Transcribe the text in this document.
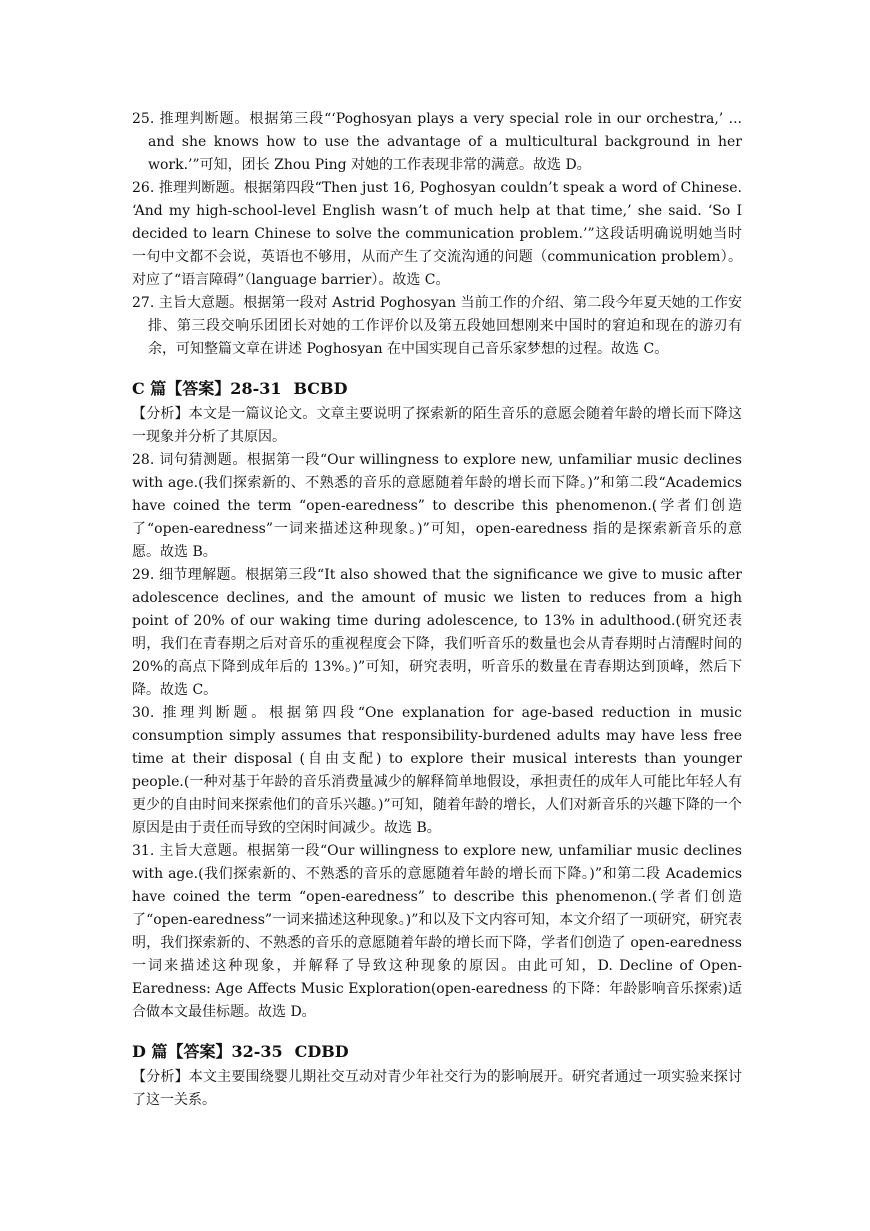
25. 推理判断题。根据第三段“‘Poghosyan plays a very special role in our orchestra,’ ... and she knows how to use the advantage of a multicultural background in her work.’”可知，团长 Zhou Ping 对她的工作表现非常的满意。故选 D。

26. 推理判断题。根据第四段“Then just 16, Poghosyan couldn’t speak a word of Chinese. ‘And my high-school-level English wasn’t of much help at that time,’ she said. ‘So I decided to learn Chinese to solve the communication problem.’”这段话明确说明她当时一句中文都不会说，英语也不够用，从而产生了交流沟通的问题（communication problem）。对应了“语言障碍”（language barrier）。故选 C。

27. 主旨大意题。根据第一段对 Astrid Poghosyan 当前工作的介绍、第二段今年夏天她的工作安排、第三段交响乐团团长对她的工作评价以及第五段她回想刚来中国时的窘迫和现在的游刃有余，可知整篇文章在讲述 Poghosyan 在中国实现自己音乐家梦想的过程。故选 C。

C 篇【答案】28-31 BCBD

【分析】本文是一篇议论文。文章主要说明了探索新的陌生音乐的意愿会随着年龄的增长而下降这一现象并分析了其原因。

28. 词句猜测题。根据第一段“Our willingness to explore new, unfamiliar music declines with age.(我们探索新的、不熟悉的音乐的意愿随着年龄的增长而下降。)”和第二段“Academics have coined the term “open-earedness” to describe this phenomenon.(学者们创造了“open-earedness”一词来描述这种现象。)”可知，open-earedness 指的是探索新音乐的意愿。故选 B。

29. 细节理解题。根据第三段“It also showed that the significance we give to music after adolescence declines, and the amount of music we listen to reduces from a high point of 20% of our waking time during adolescence, to 13% in adulthood.(研究还表明，我们在青春期之后对音乐的重视程度会下降，我们听音乐的数量也会从青春期时占清醒时间的 20%的高点下降到成年后的 13%。)”可知，研究表明，听音乐的数量在青春期达到顶峰，然后下降。故选 C。

30. 推理判断题。根据第四段“One explanation for age-based reduction in music consumption simply assumes that responsibility-burdened adults may have less free time at their disposal (自由支配) to explore their musical interests than younger people.(一种对基于年龄的音乐消费量减少的解释简单地假设，承担责任的成年人可能比年轻人有更少的自由时间来探索他们的音乐兴趣。)”可知，随着年龄的增长，人们对新音乐的兴趣下降的一个原因是由于责任而导致的空闲时间减少。故选 B。

31. 主旨大意题。根据第一段“Our willingness to explore new, unfamiliar music declines with age.(我们探索新的、不熟悉的音乐的意愿随着年龄的增长而下降。)”和第二段 Academics have coined the term “open-earedness” to describe this phenomenon.(学者们创造了“open-earedness”一词来描述这种现象。)”和以及下文内容可知，本文介绍了一项研究，研究表明，我们探索新的、不熟悉的音乐的意愿随着年龄的增长而下降，学者们创造了 open-earedness 一词来描述这种现象，并解释了导致这种现象的原因。由此可知，D. Decline of Open-Earedness: Age Affects Music Exploration(open-earedness 的下降：年龄影响音乐探索)适合做本文最佳标题。故选 D。

D 篇【答案】32-35 CDBD

【分析】本文主要围绕婴儿期社交互动对青少年社交行为的影响展开。研究者通过一项实验来探讨了这一关系。
